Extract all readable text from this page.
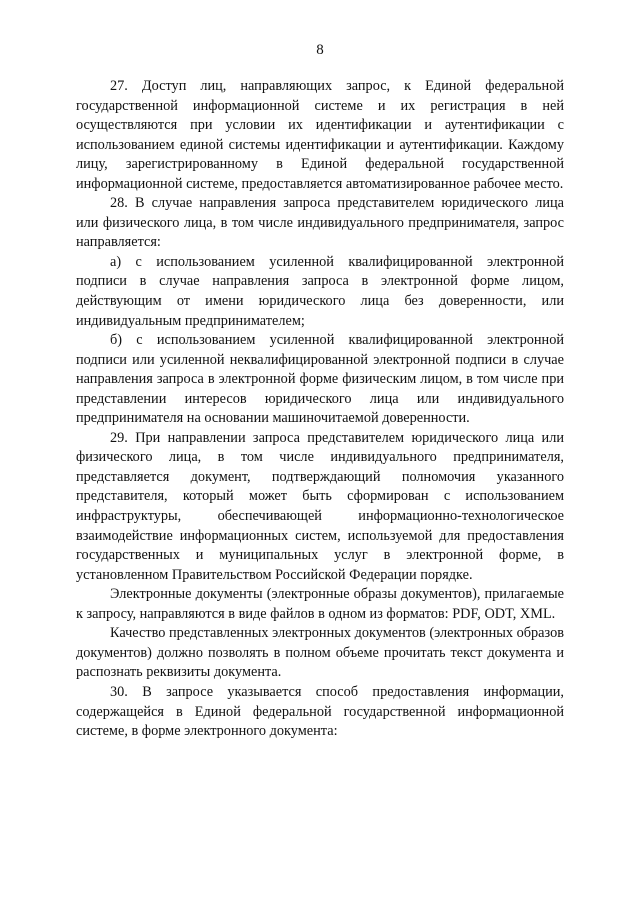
8

27. Доступ лиц, направляющих запрос, к Единой федеральной государственной информационной системе и их регистрация в ней осуществляются при условии их идентификации и аутентификации с использованием единой системы идентификации и аутентификации. Каждому лицу, зарегистрированному в Единой федеральной государственной информационной системе, предоставляется автоматизированное рабочее место.

28. В случае направления запроса представителем юридического лица или физического лица, в том числе индивидуального предпринимателя, запрос направляется:

а) с использованием усиленной квалифицированной электронной подписи в случае направления запроса в электронной форме лицом, действующим от имени юридического лица без доверенности, или индивидуальным предпринимателем;

б) с использованием усиленной квалифицированной электронной подписи или усиленной неквалифицированной электронной подписи в случае направления запроса в электронной форме физическим лицом, в том числе при представлении интересов юридического лица или индивидуального предпринимателя на основании машиночитаемой доверенности.

29. При направлении запроса представителем юридического лица или физического лица, в том числе индивидуального предпринимателя, представляется документ, подтверждающий полномочия указанного представителя, который может быть сформирован с использованием инфраструктуры, обеспечивающей информационно-технологическое взаимодействие информационных систем, используемой для предоставления государственных и муниципальных услуг в электронной форме, в установленном Правительством Российской Федерации порядке.

Электронные документы (электронные образы документов), прилагаемые к запросу, направляются в виде файлов в одном из форматов: PDF, ODT, XML.

Качество представленных электронных документов (электронных образов документов) должно позволять в полном объеме прочитать текст документа и распознать реквизиты документа.

30. В запросе указывается способ предоставления информации, содержащейся в Единой федеральной государственной информационной системе, в форме электронного документа:
